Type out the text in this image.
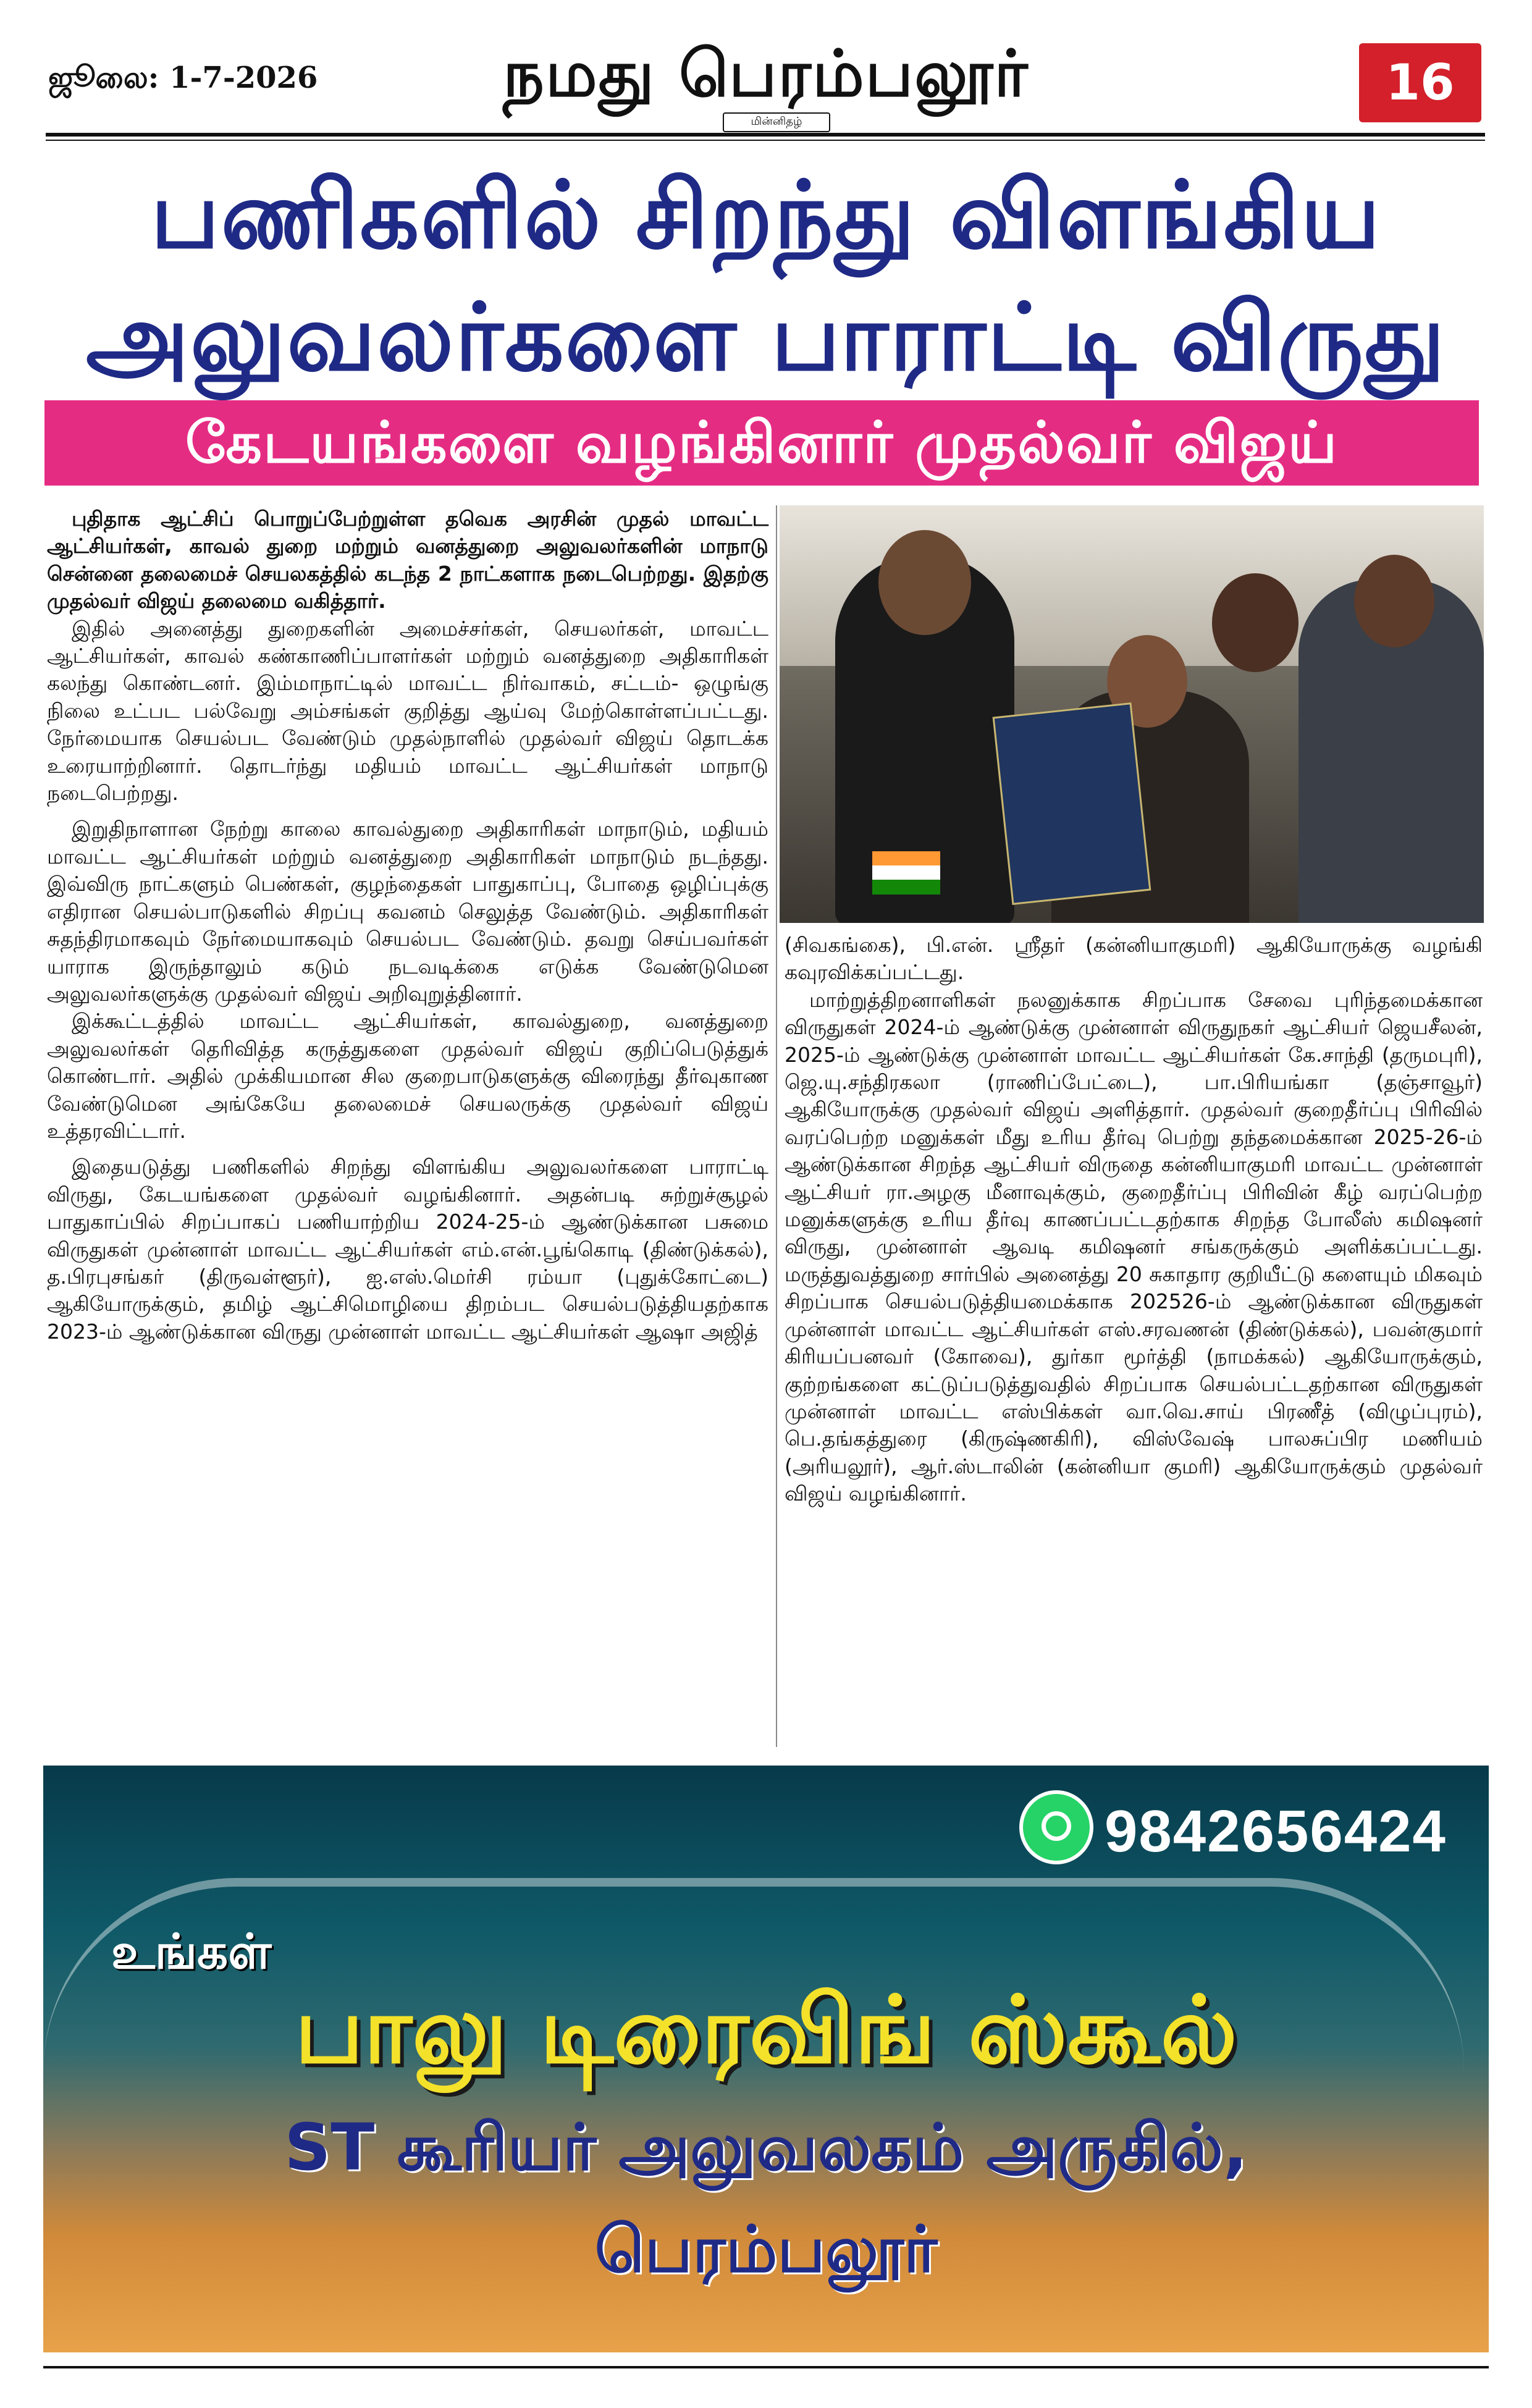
ஜூலை: 1-7-2026	நமது பெரம்பலூர்
மின்னிதழ்
16
பணிகளில் சிறந்து விளங்கிய
அலுவலர்களை பாராட்டி விருது
கேடயங்களை வழங்கினார் முதல்வர் விஜய்

புதிதாக ஆட்சிப் பொறுப்பேற்றுள்ள தவெக அரசின் முதல் மாவட்ட ஆட்சியர்கள், காவல் துறை மற்றும் வனத்துறை அலுவலர்களின் மாநாடு சென்னை தலைமைச் செயலகத்தில் கடந்த 2 நாட்களாக நடைபெற்றது. இதற்கு முதல்வர் விஜய் தலைமை வகித்தார்.

இதில் அனைத்து துறைகளின் அமைச்சர்கள், செயலர்கள், மாவட்ட ஆட்சியர்கள், காவல் கண்காணிப்பாளர்கள் மற்றும் வனத்துறை அதிகாரிகள் கலந்து கொண்டனர். இம்மாநாட்டில் மாவட்ட நிர்வாகம், சட்டம்- ஒழுங்கு நிலை உட்பட பல்வேறு அம்சங்கள் குறித்து ஆய்வு மேற்கொள்ளப்பட்டது. நேர்மையாக செயல்பட வேண்டும் முதல்நாளில் முதல்வர் விஜய் தொடக்க உரையாற்றினார். தொடர்ந்து மதியம் மாவட்ட ஆட்சியர்கள் மாநாடு நடைபெற்றது.

இறுதிநாளான நேற்று காலை காவல்துறை அதிகாரிகள் மாநாடும், மதியம் மாவட்ட ஆட்சியர்கள் மற்றும் வனத்துறை அதிகாரிகள் மாநாடும் நடந்தது. இவ்விரு நாட்களும் பெண்கள், குழந்தைகள் பாதுகாப்பு, போதை ஒழிப்புக்கு எதிரான செயல்பாடுகளில் சிறப்பு கவனம் செலுத்த வேண்டும். அதிகாரிகள் சுதந்திரமாகவும் நேர்மையாகவும் செயல்பட வேண்டும். தவறு செய்பவர்கள் யாராக இருந்தாலும் கடும் நடவடிக்கை எடுக்க வேண்டுமென அலுவலர்களுக்கு முதல்வர் விஜய் அறிவுறுத்தினார்.

இக்கூட்டத்தில் மாவட்ட ஆட்சியர்கள், காவல்துறை, வனத்துறை அலுவலர்கள் தெரிவித்த கருத்துகளை முதல்வர் விஜய் குறிப்பெடுத்துக் கொண்டார். அதில் முக்கியமான சில குறைபாடுகளுக்கு விரைந்து தீர்வுகாண வேண்டுமென அங்கேயே தலைமைச் செயலருக்கு முதல்வர் விஜய் உத்தரவிட்டார்.

இதையடுத்து பணிகளில் சிறந்து விளங்கிய அலுவலர்களை பாராட்டி விருது, கேடயங்களை முதல்வர் வழங்கினார். அதன்படி சுற்றுச்சூழல் பாதுகாப்பில் சிறப்பாகப் பணியாற்றிய 2024-25-ம் ஆண்டுக்கான பசுமை விருதுகள் முன்னாள் மாவட்ட ஆட்சியர்கள் எம்.என்.பூங்கொடி (திண்டுக்கல்), த.பிரபுசங்கர் (திருவள்ளூர்), ஐ.எஸ்.மெர்சி ரம்யா (புதுக்கோட்டை) ஆகியோருக்கும், தமிழ் ஆட்சிமொழியை திறம்பட செயல்படுத்தியதற்காக 2023-ம் ஆண்டுக்கான விருது முன்னாள் மாவட்ட ஆட்சியர்கள் ஆஷா அஜித்

(சிவகங்கை), பி.என். ஸ்ரீதர் (கன்னியாகுமரி) ஆகியோருக்கு வழங்கி கவுரவிக்கப்பட்டது.

மாற்றுத்திறனாளிகள் நலனுக்காக சிறப்பாக சேவை புரிந்தமைக்கான விருதுகள் 2024-ம் ஆண்டுக்கு முன்னாள் விருதுநகர் ஆட்சியர் ஜெயசீலன், 2025-ம் ஆண்டுக்கு முன்னாள் மாவட்ட ஆட்சியர்கள் கே.சாந்தி (தருமபுரி), ஜெ.யு.சந்திரகலா (ராணிப்பேட்டை), பா.பிரியங்கா (தஞ்சாவூர்) ஆகியோருக்கு முதல்வர் விஜய் அளித்தார். முதல்வர் குறைதீர்ப்பு பிரிவில் வரப்பெற்ற மனுக்கள் மீது உரிய தீர்வு பெற்று தந்தமைக்கான 2025-26-ம் ஆண்டுக்கான சிறந்த ஆட்சியர் விருதை கன்னியாகுமரி மாவட்ட முன்னாள் ஆட்சியர் ரா.அழகு மீனாவுக்கும், குறைதீர்ப்பு பிரிவின் கீழ் வரப்பெற்ற மனுக்களுக்கு உரிய தீர்வு காணப்பட்டதற்காக சிறந்த போலீஸ் கமிஷனர் விருது, முன்னாள் ஆவடி கமிஷனர் சங்கருக்கும் அளிக்கப்பட்டது. மருத்துவத்துறை சார்பில் அனைத்து 20 சுகாதார குறியீட்டு களையும் மிகவும் சிறப்பாக செயல்படுத்தியமைக்காக 202526-ம் ஆண்டுக்கான விருதுகள் முன்னாள் மாவட்ட ஆட்சியர்கள் எஸ்.சரவணன் (திண்டுக்கல்), பவன்குமார் கிரியப்பனவர் (கோவை), துர்கா மூர்த்தி (நாமக்கல்) ஆகியோருக்கும், குற்றங்களை கட்டுப்படுத்துவதில் சிறப்பாக செயல்பட்டதற்கான விருதுகள் முன்னாள் மாவட்ட எஸ்பிக்கள் வா.வெ.சாய் பிரணீத் (விழுப்புரம்), பெ.தங்கத்துரை (கிருஷ்ணகிரி), விஸ்வேஷ் பாலசுப்பிர மணியம் (அரியலூர்), ஆர்.ஸ்டாலின் (கன்னியா குமரி) ஆகியோருக்கும் முதல்வர் விஜய் வழங்கினார்.

9842656424
உங்கள்
பாலு டிரைவிங் ஸ்கூல்
ST கூரியர் அலுவலகம் அருகில்,
பெரம்பலூர்
